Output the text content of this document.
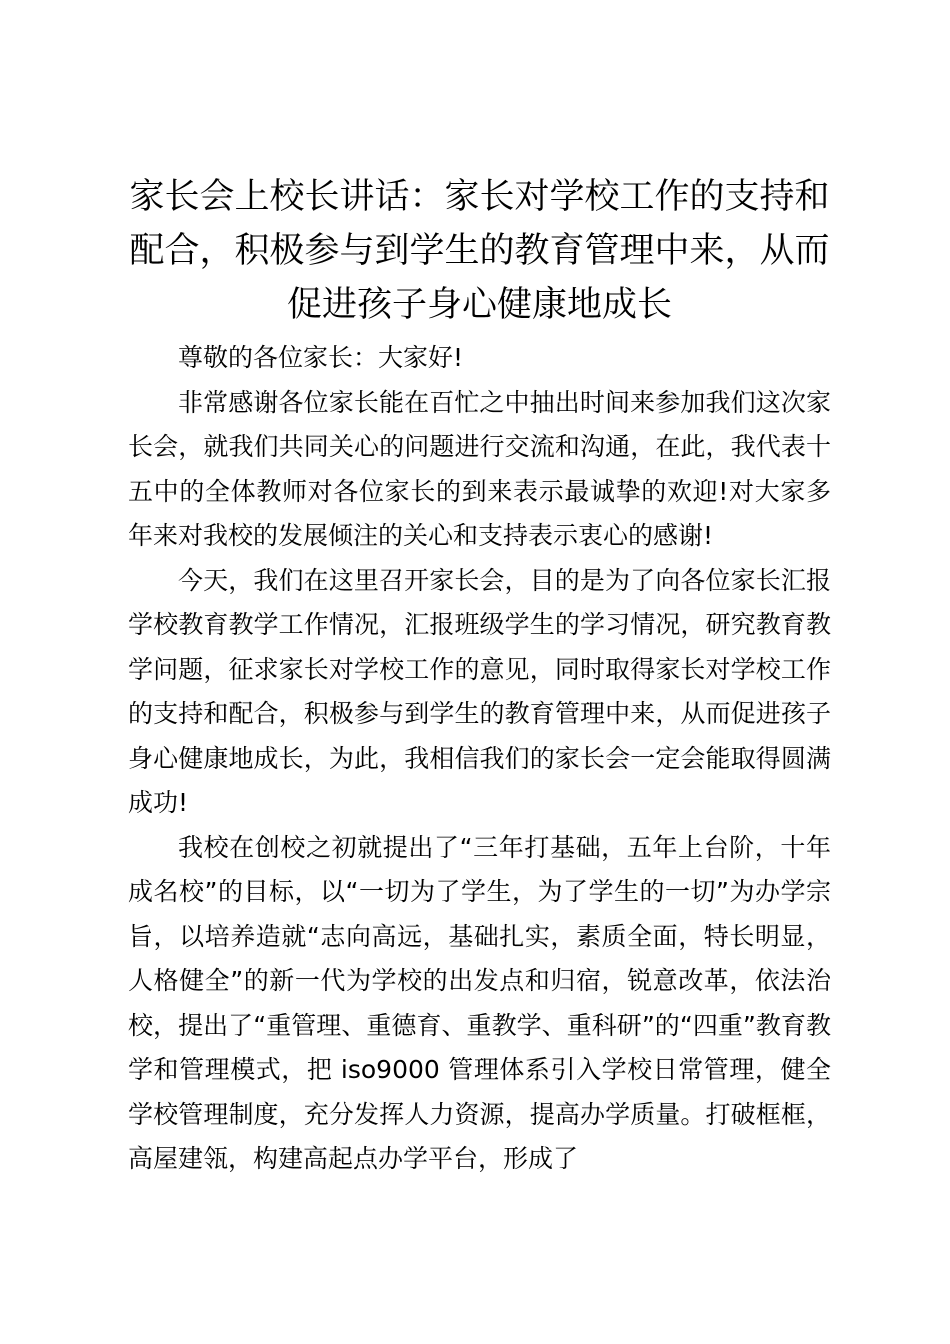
家长会上校长讲话：家长对学校工作的支持和配合，积极参与到学生的教育管理中来，从而促进孩子身心健康地成长

尊敬的各位家长：大家好!

非常感谢各位家长能在百忙之中抽出时间来参加我们这次家长会，就我们共同关心的问题进行交流和沟通，在此，我代表十五中的全体教师对各位家长的到来表示最诚挚的欢迎!对大家多年来对我校的发展倾注的关心和支持表示衷心的感谢!

今天，我们在这里召开家长会，目的是为了向各位家长汇报学校教育教学工作情况，汇报班级学生的学习情况，研究教育教学问题，征求家长对学校工作的意见，同时取得家长对学校工作的支持和配合，积极参与到学生的教育管理中来，从而促进孩子身心健康地成长，为此，我相信我们的家长会一定会能取得圆满成功!

我校在创校之初就提出了“三年打基础，五年上台阶，十年成名校”的目标，以“一切为了学生，为了学生的一切”为办学宗旨，以培养造就“志向高远，基础扎实，素质全面，特长明显，人格健全”的新一代为学校的出发点和归宿，锐意改革，依法治校，提出了“重管理、重德育、重教学、重科研”的“四重”教育教学和管理模式，把 iso9000 管理体系引入学校日常管理，健全学校管理制度，充分发挥人力资源，提高办学质量。打破框框，高屋建瓴，构建高起点办学平台，形成了
